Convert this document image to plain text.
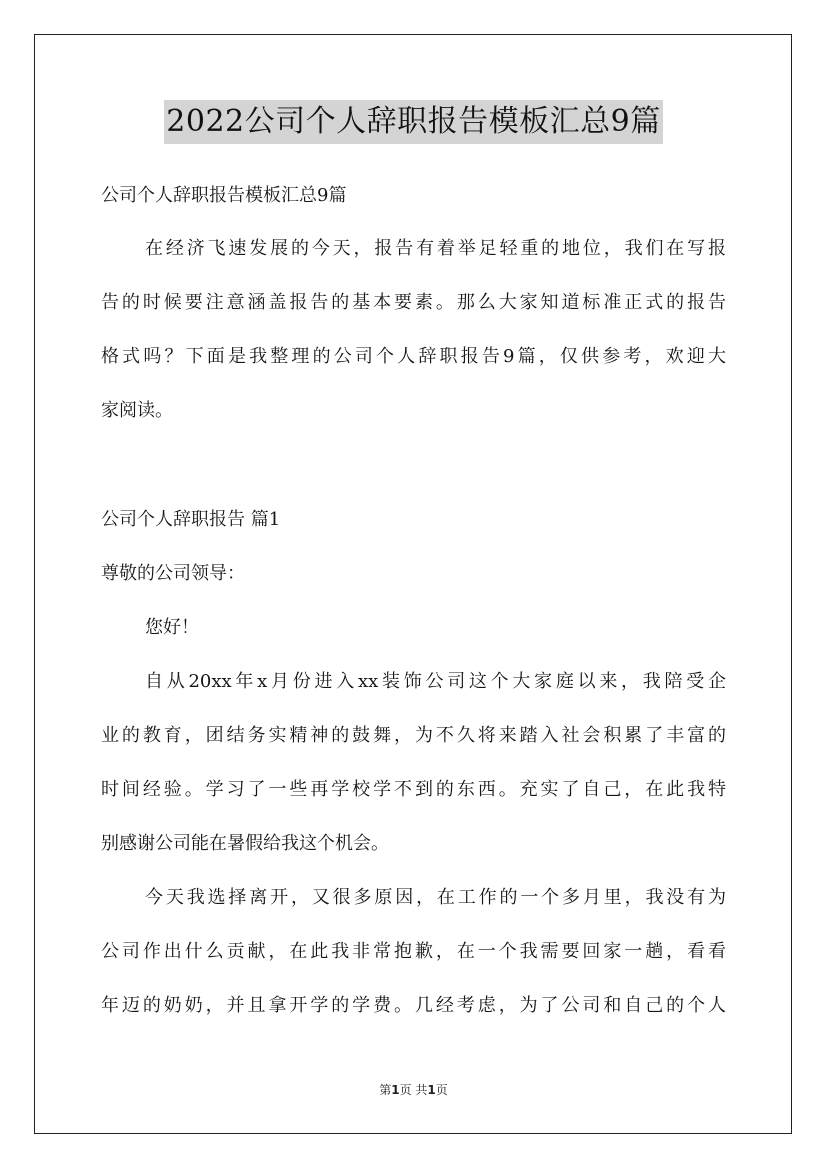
2022公司个人辞职报告模板汇总9篇
公司个人辞职报告模板汇总9篇
在经济飞速发展的今天，报告有着举足轻重的地位，我们在写报
告的时候要注意涵盖报告的基本要素。那么大家知道标准正式的报告
格式吗？下面是我整理的公司个人辞职报告9篇，仅供参考，欢迎大
家阅读。
公司个人辞职报告 篇1
尊敬的公司领导：
您好！
自从20xx年x月份进入xx装饰公司这个大家庭以来，我陪受企
业的教育，团结务实精神的鼓舞，为不久将来踏入社会积累了丰富的
时间经验。学习了一些再学校学不到的东西。充实了自己，在此我特
别感谢公司能在暑假给我这个机会。
今天我选择离开，又很多原因，在工作的一个多月里，我没有为
公司作出什么贡献，在此我非常抱歉，在一个我需要回家一趟，看看
年迈的奶奶，并且拿开学的学费。几经考虑，为了公司和自己的个人
第1页 共1页
